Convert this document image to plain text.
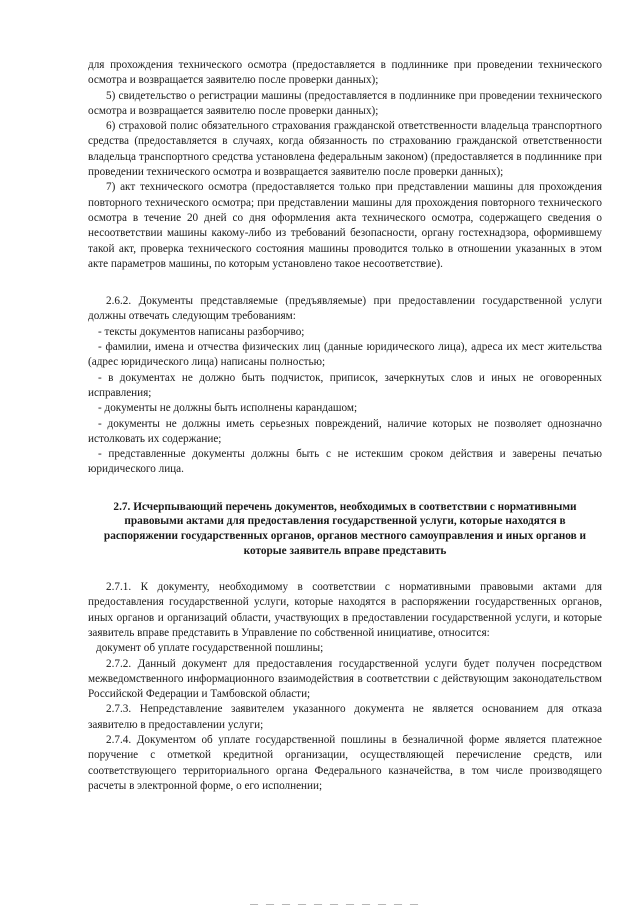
для прохождения технического осмотра (предоставляется в подлиннике при проведении технического осмотра и возвращается заявителю после проверки данных);

5) свидетельство о регистрации машины (предоставляется в подлиннике при проведении технического осмотра и возвращается заявителю после проверки данных);

6) страховой полис обязательного страхования гражданской ответственности владельца транспортного средства (предоставляется в случаях, когда обязанность по страхованию гражданской ответственности владельца транспортного средства установлена федеральным законом) (предоставляется в подлиннике при проведении технического осмотра и возвращается заявителю после проверки данных);

7) акт технического осмотра (предоставляется только при представлении машины для прохождения повторного технического осмотра; при представлении машины для прохождения повторного технического осмотра в течение 20 дней со дня оформления акта технического осмотра, содержащего сведения о несоответствии машины какому-либо из требований безопасности, органу гостехнадзора, оформившему такой акт, проверка технического состояния машины проводится только в отношении указанных в этом акте параметров машины, по которым установлено такое несоответствие).

2.6.2. Документы представляемые (предъявляемые) при предоставлении государственной услуги должны отвечать следующим требованиям:

- тексты документов написаны разборчиво;

- фамилии, имена и отчества физических лиц (данные юридического лица), адреса их мест жительства (адрес юридического лица) написаны полностью;

- в документах не должно быть подчисток, приписок, зачеркнутых слов и иных не оговоренных исправления;

- документы не должны быть исполнены карандашом;

- документы не должны иметь серьезных повреждений, наличие которых не позволяет однозначно истолковать их содержание;

- представленные документы должны быть с не истекшим сроком действия и заверены печатью юридического лица.

2.7. Исчерпывающий перечень документов, необходимых в соответствии с нормативными правовыми актами для предоставления государственной услуги, которые находятся в распоряжении государственных органов, органов местного самоуправления и иных органов и которые заявитель вправе представить

2.7.1. К документу, необходимому в соответствии с нормативными правовыми актами для предоставления государственной услуги, которые находятся в распоряжении государственных органов, иных органов и организаций области, участвующих в предоставлении государственной услуги, и которые заявитель вправе представить в Управление по собственной инициативе, относится:

документ об уплате государственной пошлины;

2.7.2. Данный документ для предоставления государственной услуги будет получен посредством межведомственного информационного взаимодействия в соответствии с действующим законодательством Российской Федерации и Тамбовской области;

2.7.3. Непредставление заявителем указанного документа не является основанием для отказа заявителю в предоставлении услуги;

2.7.4. Документом об уплате государственной пошлины в безналичной форме является платежное поручение с отметкой кредитной организации, осуществляющей перечисление средств, или соответствующего территориального органа Федерального казначейства, в том числе производящего расчеты в электронной форме, о его исполнении;

— — — — — — — — — — —
